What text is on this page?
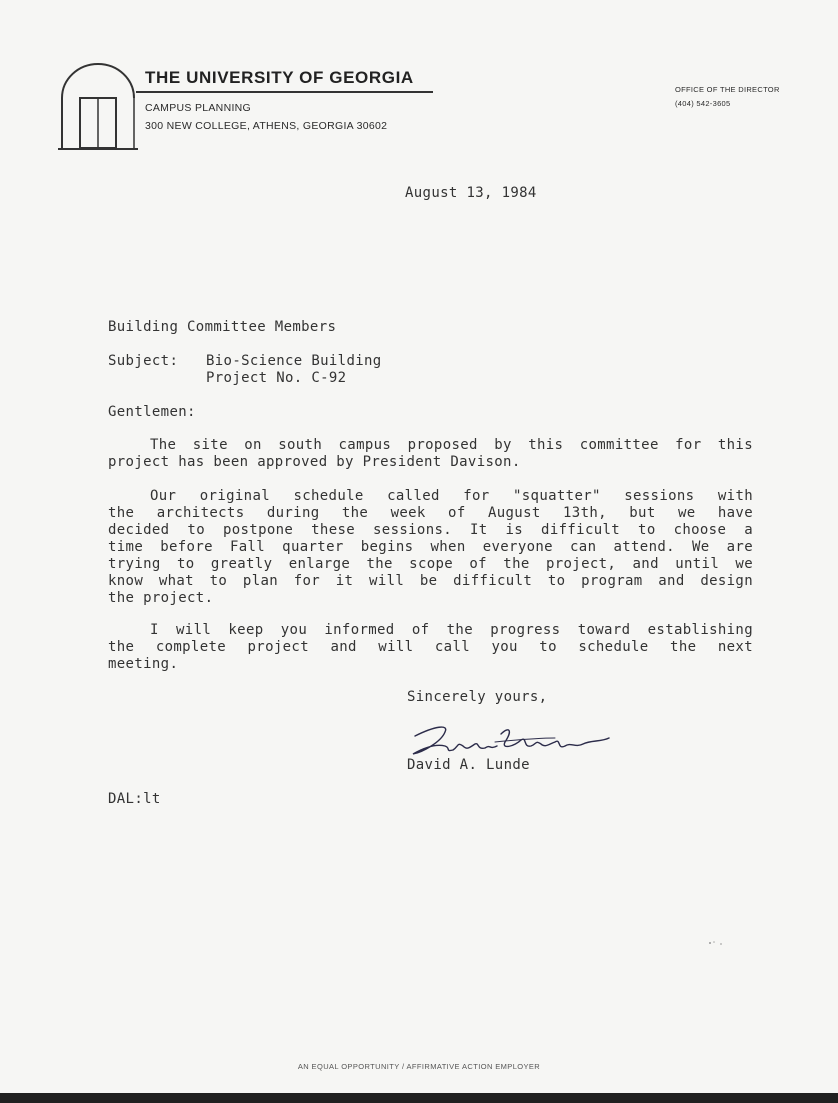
THE UNIVERSITY OF GEORGIA
CAMPUS PLANNING
300 NEW COLLEGE, ATHENS, GEORGIA 30602
OFFICE OF THE DIRECTOR
(404) 542-3605
August 13, 1984
Building Committee Members
Subject: Bio-Science Building
Project No. C-92
Gentlemen:
The site on south campus proposed by this committee for this
project has been approved by President Davison.
Our original schedule called for "squatter" sessions with
the architects during the week of August 13th, but we have
decided to postpone these sessions. It is difficult to choose a
time before Fall quarter begins when everyone can attend. We are
trying to greatly enlarge the scope of the project, and until we
know what to plan for it will be difficult to program and design
the project.
I will keep you informed of the progress toward establishing
the complete project and will call you to schedule the next
meeting.
Sincerely yours,
David A. Lunde
DAL:lt
AN EQUAL OPPORTUNITY / AFFIRMATIVE ACTION EMPLOYER
